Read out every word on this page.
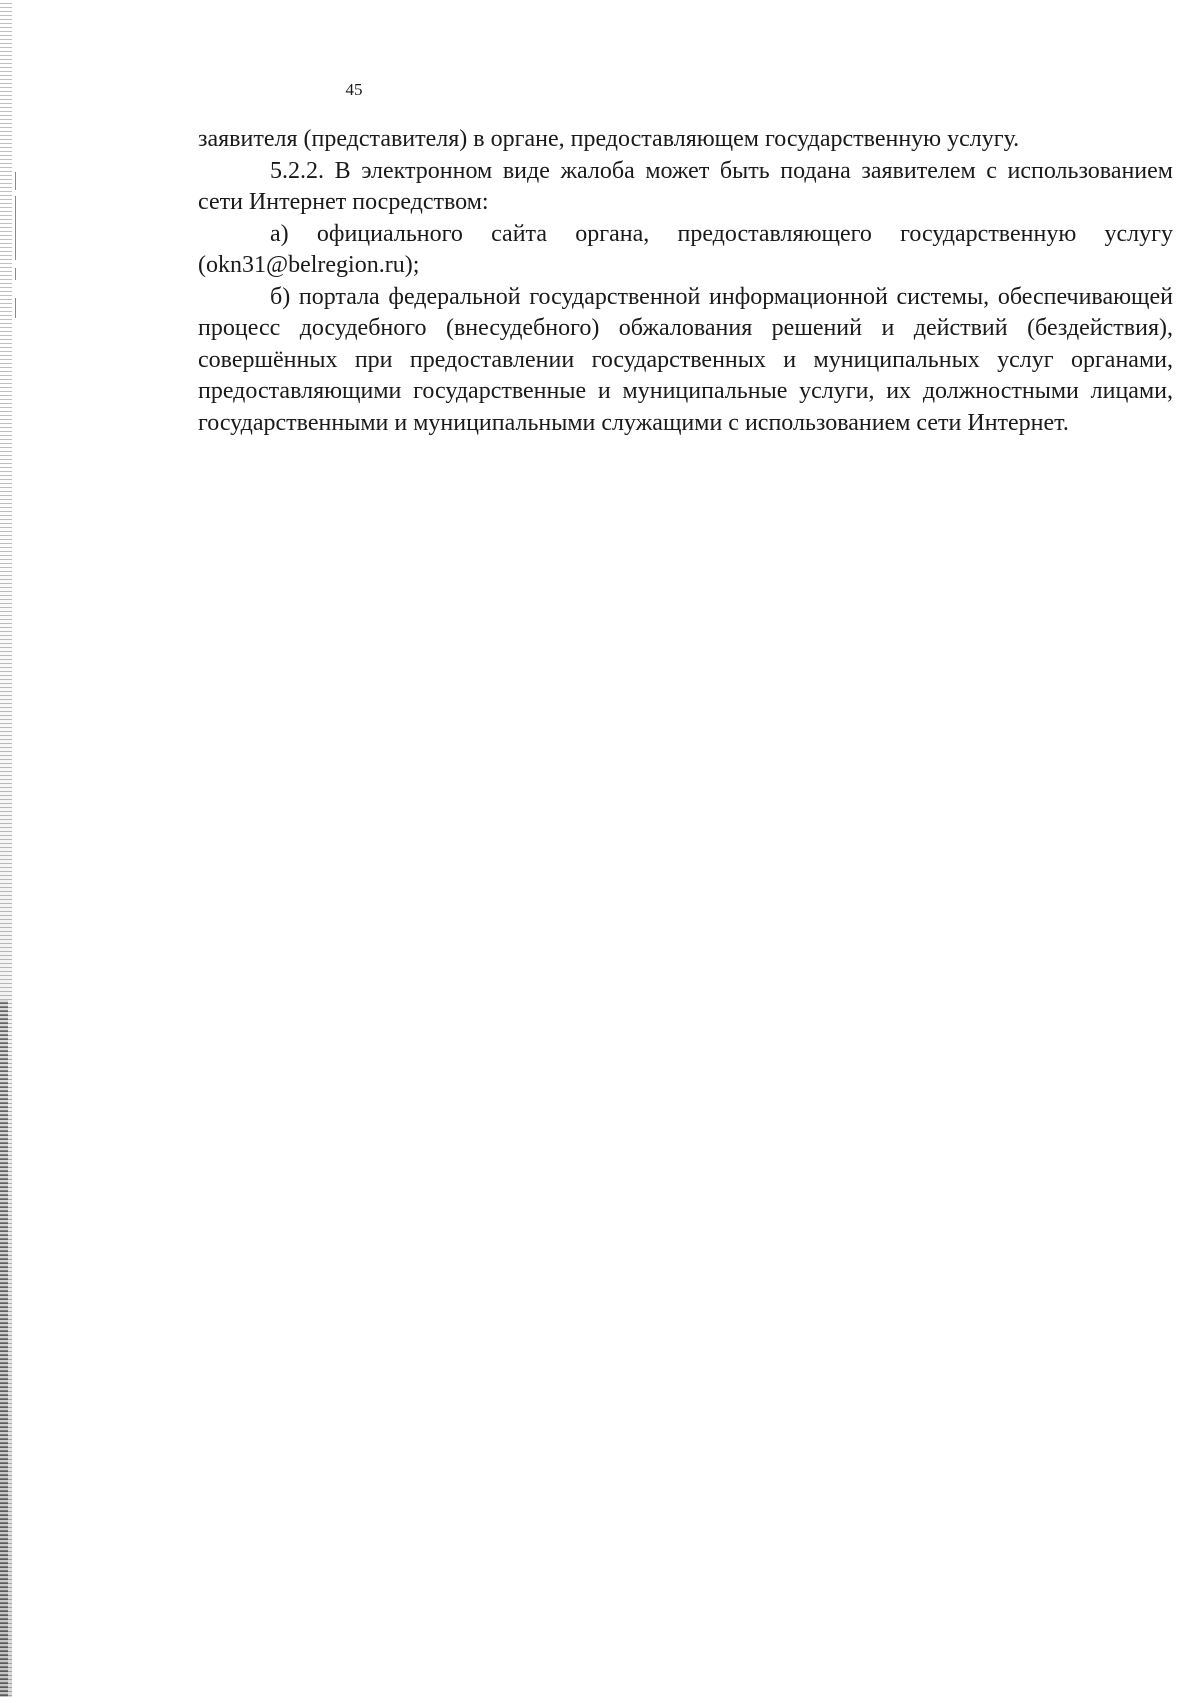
45

заявителя (представителя) в органе, предоставляющем государственную услугу.

5.2.2. В электронном виде жалоба может быть подана заявителем с использованием сети Интернет посредством:

а) официального сайта органа, предоставляющего государственную услугу (okn31@belregion.ru);

б) портала федеральной государственной информационной системы, обеспечивающей процесс досудебного (внесудебного) обжалования решений и действий (бездействия), совершённых при предоставлении государственных и муниципальных услуг органами, предоставляющими государственные и муниципальные услуги, их должностными лицами, государственными и муниципальными служащими с использованием сети Интернет.
